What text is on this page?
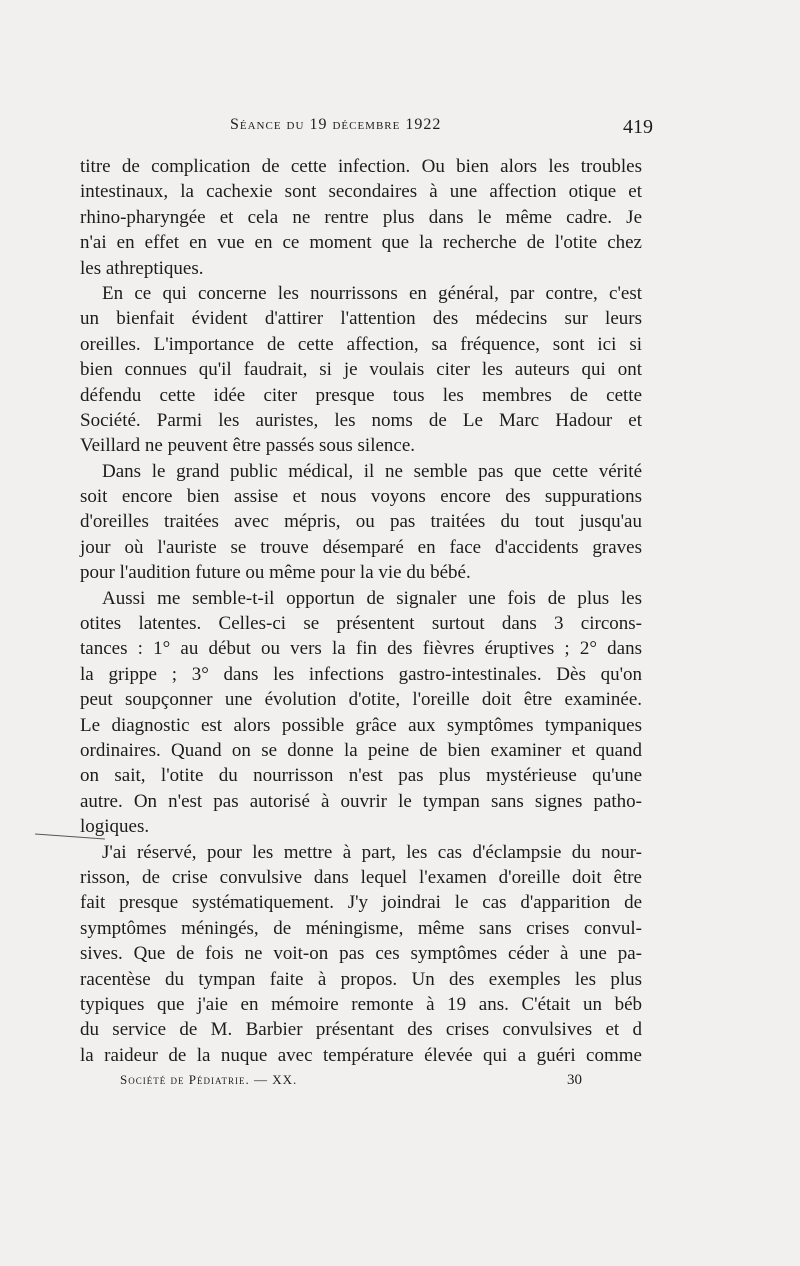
Séance du 19 décembre 1922	419
titre de complication de cette infection. Ou bien alors les troubles
intestinaux, la cachexie sont secondaires à une affection otique et
rhino-pharyngée et cela ne rentre plus dans le même cadre. Je
n'ai en effet en vue en ce moment que la recherche de l'otite chez
les athreptiques.
En ce qui concerne les nourrissons en général, par contre, c'est
un bienfait évident d'attirer l'attention des médecins sur leurs
oreilles. L'importance de cette affection, sa fréquence, sont ici si
bien connues qu'il faudrait, si je voulais citer les auteurs qui ont
défendu cette idée citer presque tous les membres de cette
Société. Parmi les auristes, les noms de Le Marc Hadour et
Veillard ne peuvent être passés sous silence.
Dans le grand public médical, il ne semble pas que cette vérité
soit encore bien assise et nous voyons encore des suppurations
d'oreilles traitées avec mépris, ou pas traitées du tout jusqu'au
jour où l'auriste se trouve désemparé en face d'accidents graves
pour l'audition future ou même pour la vie du bébé.
Aussi me semble-t-il opportun de signaler une fois de plus les
otites latentes. Celles-ci se présentent surtout dans 3 circons-
tances : 1° au début ou vers la fin des fièvres éruptives ; 2° dans
la grippe ; 3° dans les infections gastro-intestinales. Dès qu'on
peut soupçonner une évolution d'otite, l'oreille doit être examinée.
Le diagnostic est alors possible grâce aux symptômes tympaniques
ordinaires. Quand on se donne la peine de bien examiner et quand
on sait, l'otite du nourrisson n'est pas plus mystérieuse qu'une
autre. On n'est pas autorisé à ouvrir le tympan sans signes patho-
logiques.
J'ai réservé, pour les mettre à part, les cas d'éclampsie du nour-
risson, de crise convulsive dans lequel l'examen d'oreille doit être
fait presque systématiquement. J'y joindrai le cas d'apparition de
symptômes méningés, de méningisme, même sans crises convul-
sives. Que de fois ne voit-on pas ces symptômes céder à une pa-
racentèse du tympan faite à propos. Un des exemples les plus
typiques que j'aie en mémoire remonte à 19 ans. C'était un béb
du service de M. Barbier présentant des crises convulsives et d
la raideur de la nuque avec température élevée qui a guéri comme
Société de Pédiatrie. — XX.	30
